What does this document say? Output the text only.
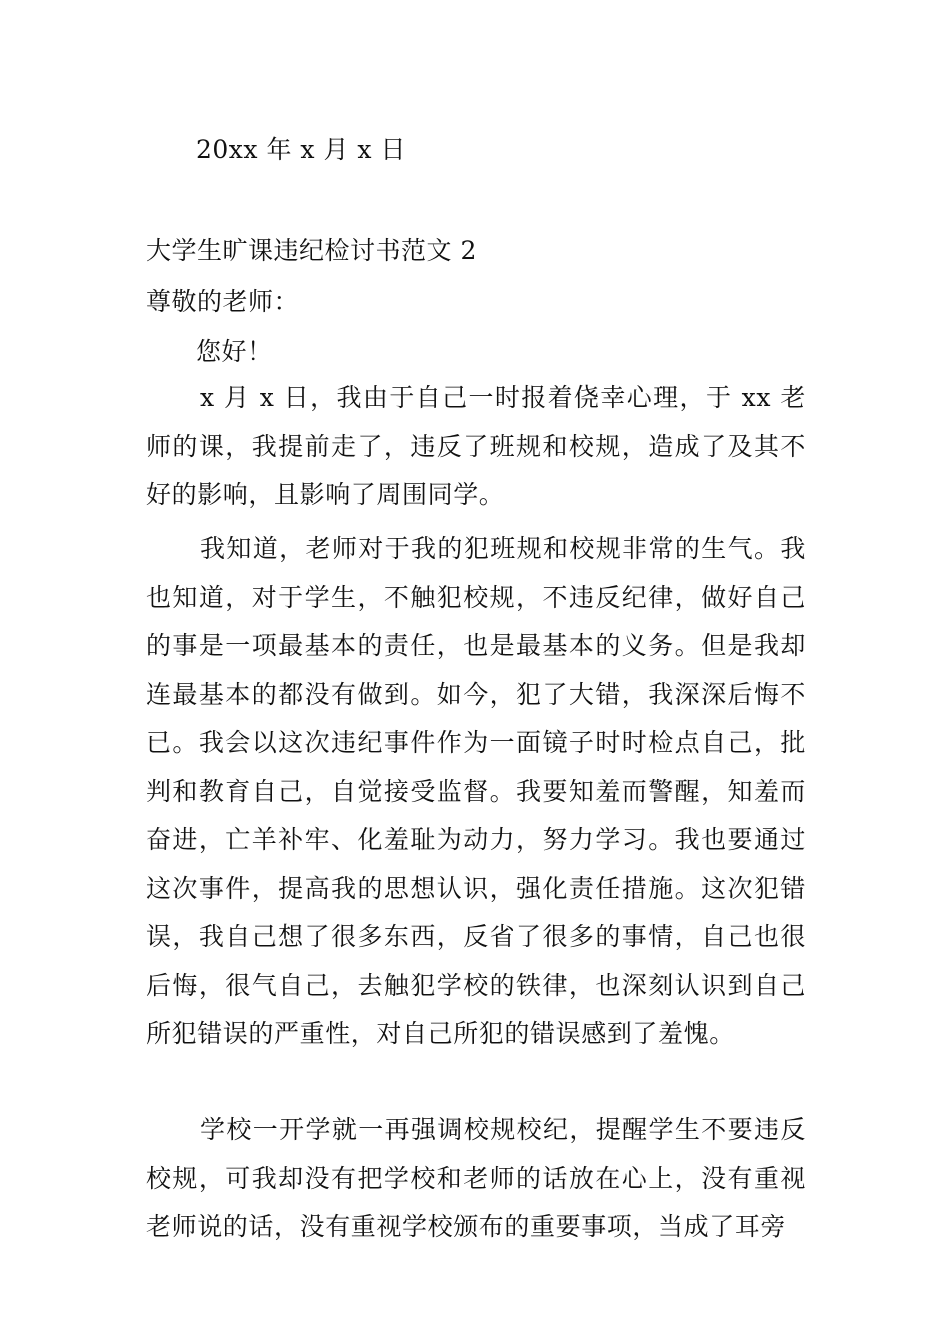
20xx 年 x 月 x 日
大学生旷课违纪检讨书范文 2
尊敬的老师：
您好！

x 月 x 日，我由于自己一时报着侥幸心理，于 xx 老师的课，我提前走了，违反了班规和校规，造成了及其不好的影响，且影响了周围同学。

我知道，老师对于我的犯班规和校规非常的生气。我也知道，对于学生，不触犯校规，不违反纪律，做好自己的事是一项最基本的责任，也是最基本的义务。但是我却连最基本的都没有做到。如今，犯了大错，我深深后悔不已。我会以这次违纪事件作为一面镜子时时检点自己，批判和教育自己，自觉接受监督。我要知羞而警醒，知羞而奋进，亡羊补牢、化羞耻为动力，努力学习。我也要通过这次事件，提高我的思想认识，强化责任措施。这次犯错误，我自己想了很多东西，反省了很多的事情，自己也很后悔，很气自己，去触犯学校的铁律，也深刻认识到自己所犯错误的严重性，对自己所犯的错误感到了羞愧。

学校一开学就一再强调校规校纪，提醒学生不要违反校规，可我却没有把学校和老师的话放在心上，没有重视老师说的话，没有重视学校颁布的重要事项，当成了耳旁
